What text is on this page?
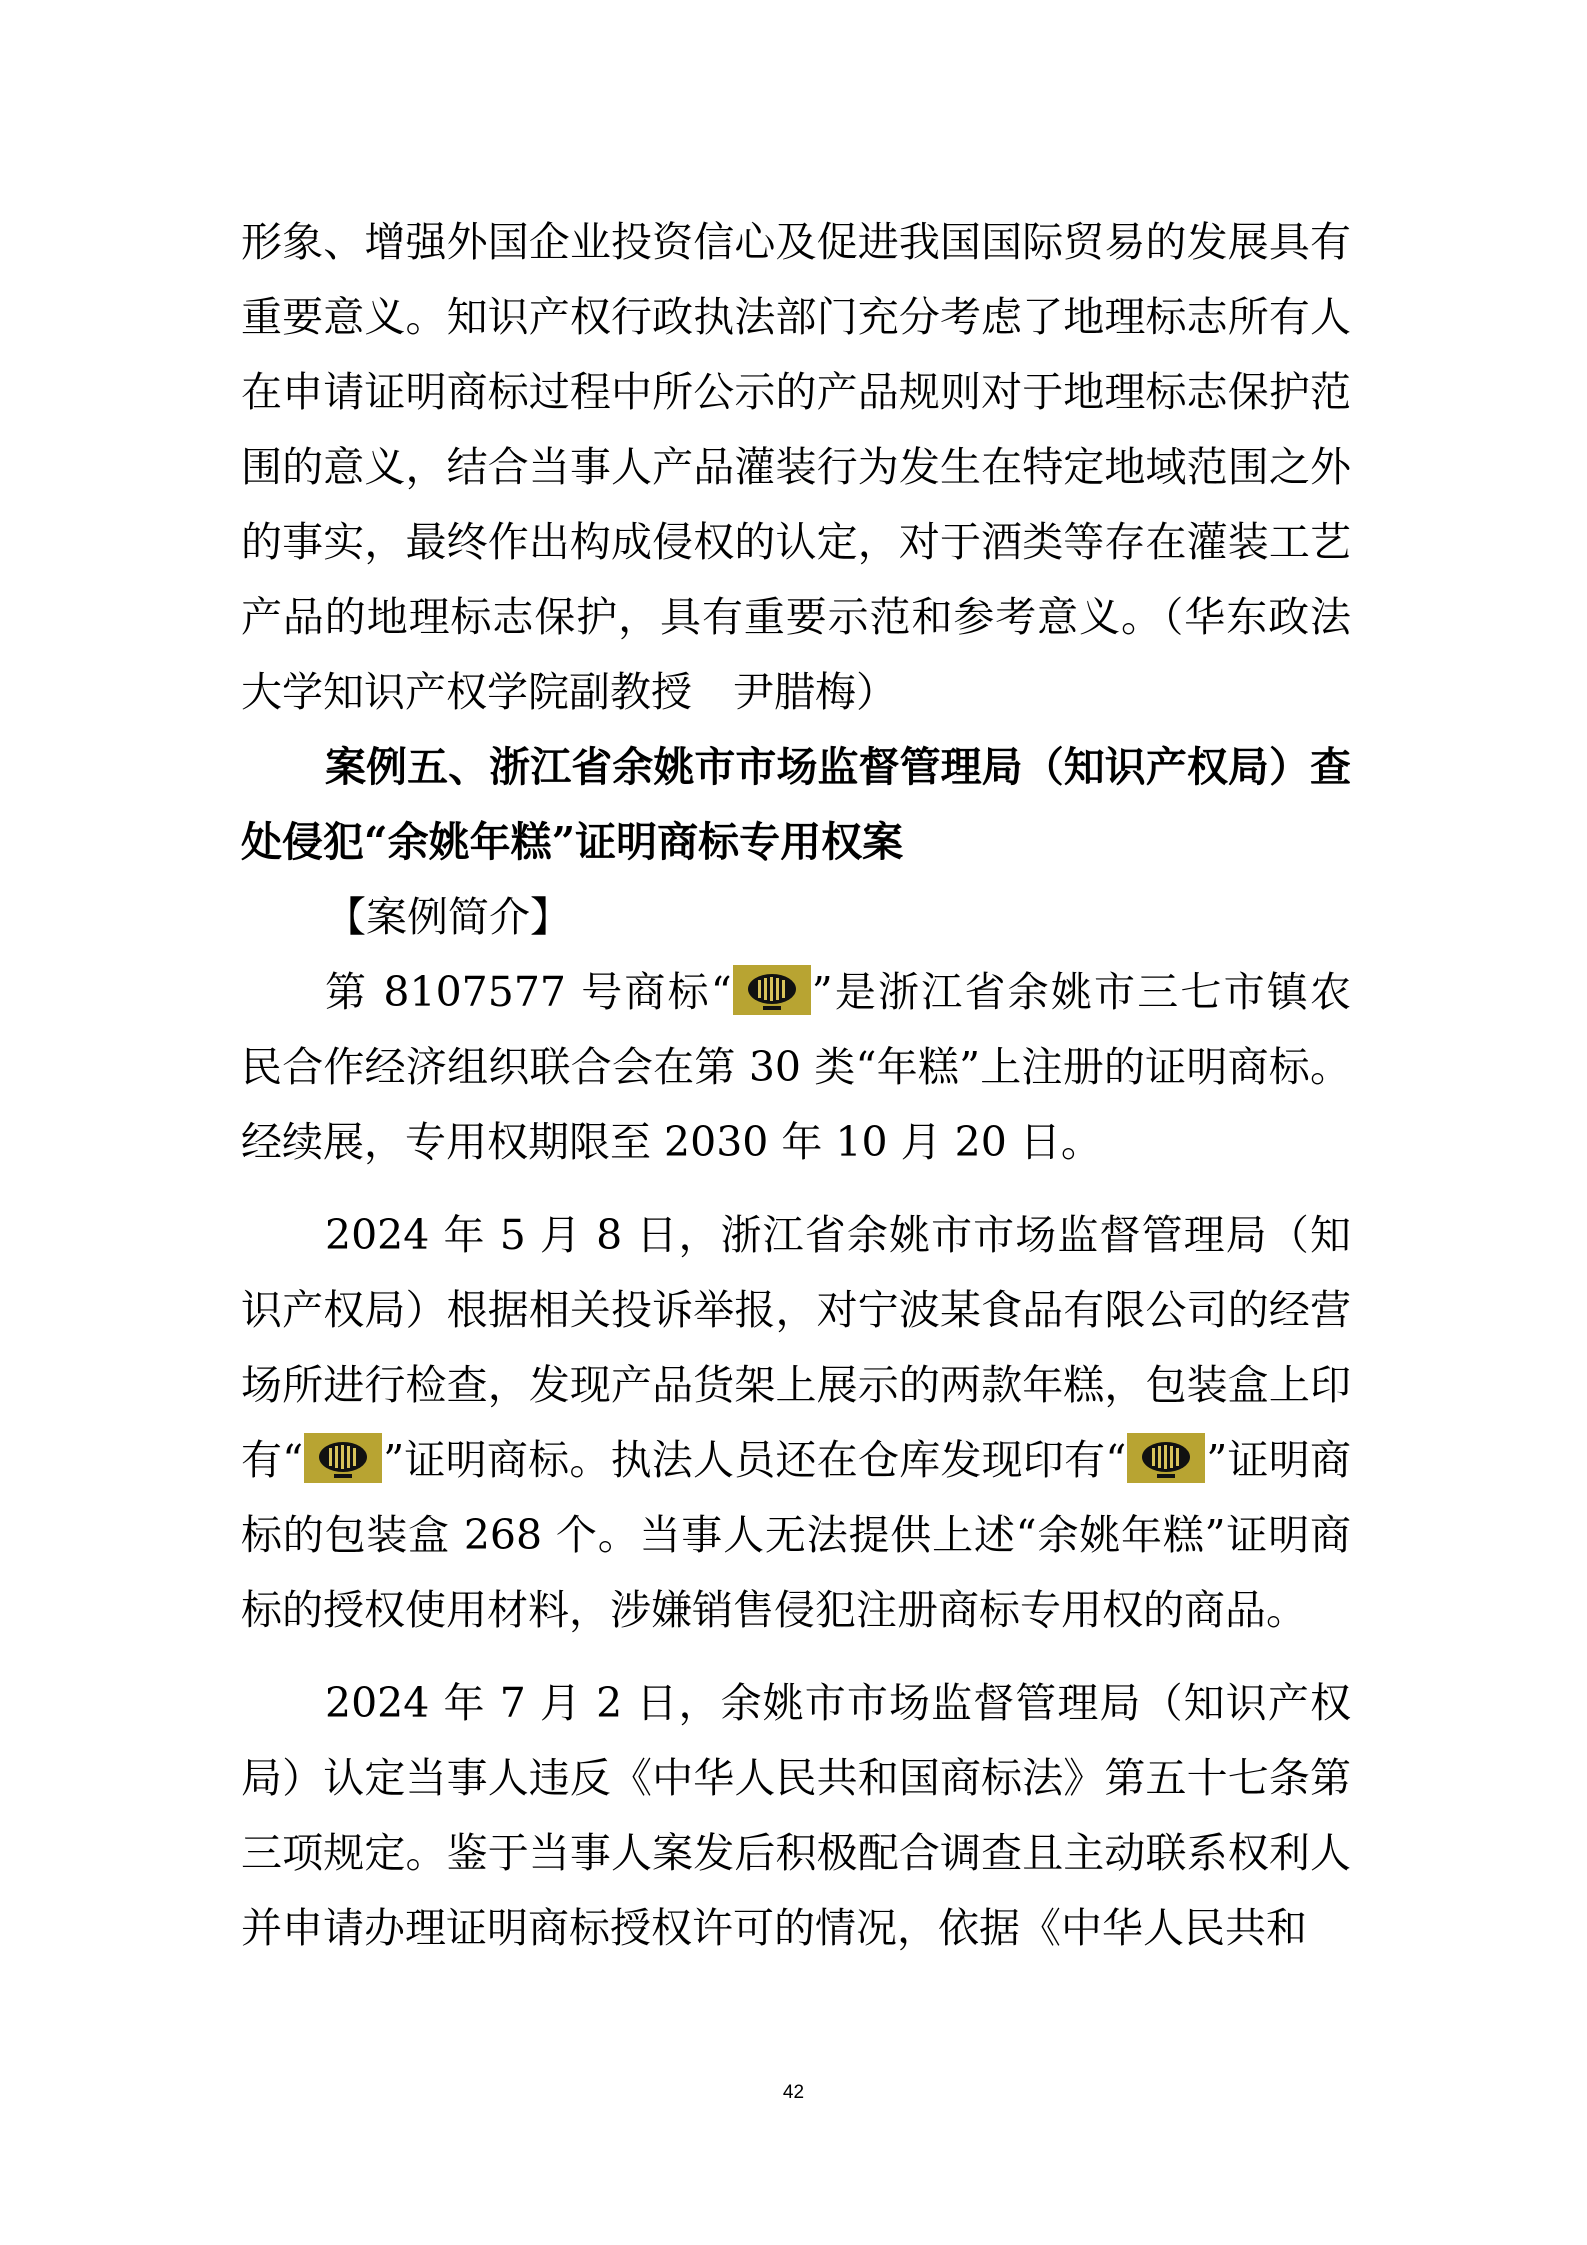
形象、增强外国企业投资信心及促进我国国际贸易的发展具有重要意义。知识产权行政执法部门充分考虑了地理标志所有人在申请证明商标过程中所公示的产品规则对于地理标志保护范围的意义，结合当事人产品灌装行为发生在特定地域范围之外的事实，最终作出构成侵权的认定，对于酒类等存在灌装工艺产品的地理标志保护，具有重要示范和参考意义。（华东政法大学知识产权学院副教授　尹腊梅）

案例五、浙江省余姚市市场监督管理局（知识产权局）查处侵犯“余姚年糕”证明商标专用权案

【案例简介】

第 8107577 号商标“ ”是浙江省余姚市三七市镇农民合作经济组织联合会在第 30 类“年糕”上注册的证明商标。经续展，专用权期限至 2030 年 10 月 20 日。

2024 年 5 月 8 日，浙江省余姚市市场监督管理局（知识产权局）根据相关投诉举报，对宁波某食品有限公司的经营场所进行检查，发现产品货架上展示的两款年糕，包装盒上印有“ ”证明商标。执法人员还在仓库发现印有“ ”证明商标的包装盒 268 个。当事人无法提供上述“余姚年糕”证明商标的授权使用材料，涉嫌销售侵犯注册商标专用权的商品。

2024 年 7 月 2 日，余姚市市场监督管理局（知识产权局）认定当事人违反《中华人民共和国商标法》第五十七条第三项规定。鉴于当事人案发后积极配合调查且主动联系权利人并申请办理证明商标授权许可的情况，依据《中华人民共和

42
